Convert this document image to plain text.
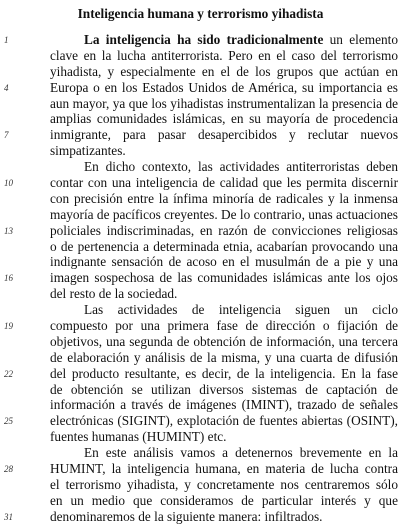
Inteligencia humana y terrorismo yihadista
1	La inteligencia ha sido tradicionalmente un elemento
clave en la lucha antiterrorista. Pero en el caso del terrorismo
yihadista, y especialmente en el de los grupos que actúan en
4	Europa o en los Estados Unidos de América, su importancia es
aun mayor, ya que los yihadistas instrumentalizan la presencia de
amplias comunidades islámicas, en su mayoría de procedencia
7	inmigrante, para pasar desapercibidos y reclutar nuevos
simpatizantes.
En dicho contexto, las actividades antiterroristas deben
10	contar con una inteligencia de calidad que les permita discernir
con precisión entre la ínfima minoría de radicales y la inmensa
mayoría de pacíficos creyentes. De lo contrario, unas actuaciones
13	policiales indiscriminadas, en razón de convicciones religiosas
o de pertenencia a determinada etnia, acabarían provocando una
indignante sensación de acoso en el musulmán de a pie y una
16	imagen sospechosa de las comunidades islámicas ante los ojos
del resto de la sociedad.
Las actividades de inteligencia siguen un ciclo
19	compuesto por una primera fase de dirección o fijación de
objetivos, una segunda de obtención de información, una tercera
de elaboración y análisis de la misma, y una cuarta de difusión
22	del producto resultante, es decir, de la inteligencia. En la fase
de obtención se utilizan diversos sistemas de captación de
información a través de imágenes (IMINT), trazado de señales
25	electrónicas (SIGINT), explotación de fuentes abiertas (OSINT),
fuentes humanas (HUMINT) etc.
En este análisis vamos a detenernos brevemente en la
28	HUMINT, la inteligencia humana, en materia de lucha contra
el terrorismo yihadista, y concretamente nos centraremos sólo
en un medio que consideramos de particular interés y que
31	denominaremos de la siguiente manera: infiltrados.
